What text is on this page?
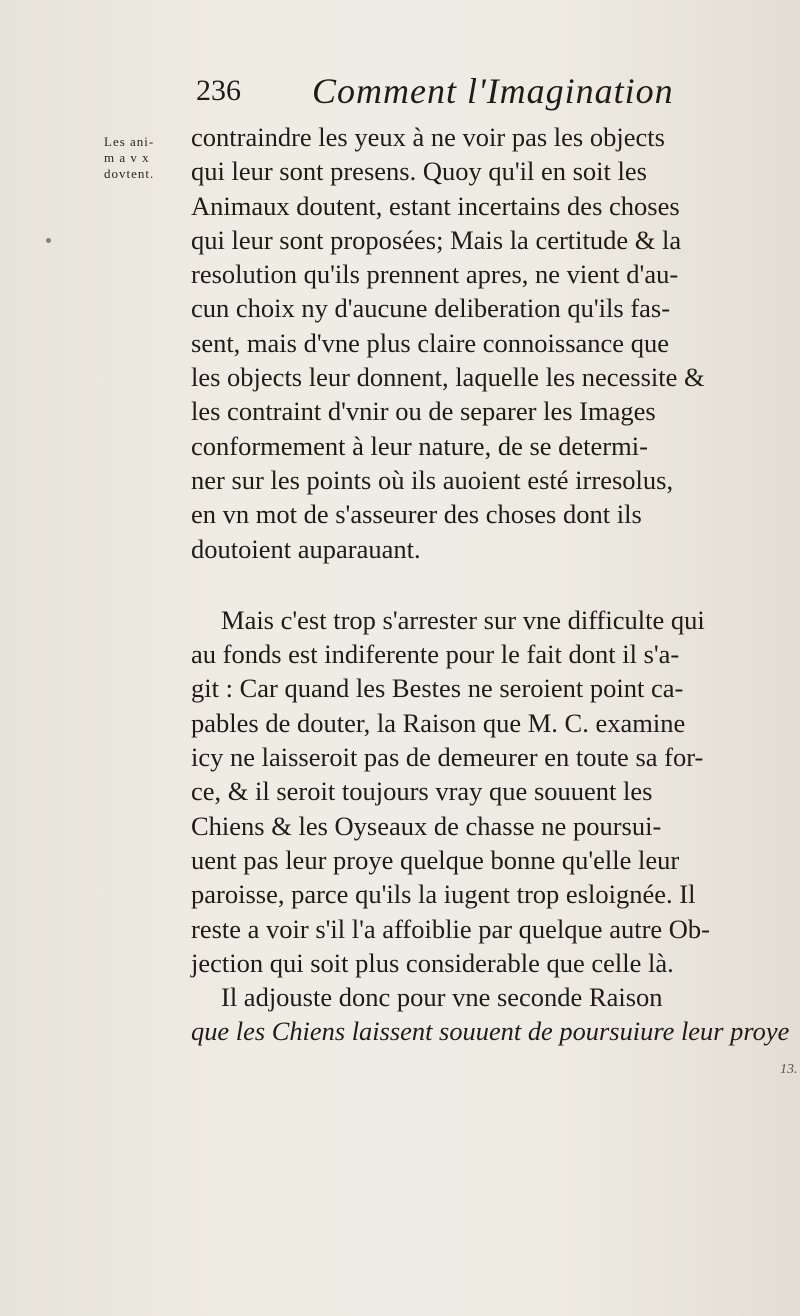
236 Comment l'Imagination
Les ani-
m a v x
dovtent.
contraindre les yeux à ne voir pas les objects
qui leur sont presens. Quoy qu'il en soit les
Animaux doutent, estant incertains des choses
qui leur sont proposées; Mais la certitude & la
resolution qu'ils prennent apres, ne vient d'au-
cun choix ny d'aucune deliberation qu'ils fas-
sent, mais d'vne plus claire connoissance que
les objects leur donnent, laquelle les necessite &
les contraint d'vnir ou de separer les Images
conformement à leur nature, de se determi-
ner sur les points où ils auoient esté irresolus,
en vn mot de s'asseurer des choses dont ils
doutoient auparauant.
Mais c'est trop s'arrester sur vne difficulte qui
au fonds est indiferente pour le fait dont il s'a-
git : Car quand les Bestes ne seroient point ca-
pables de douter, la Raison que M. C. examine
icy ne laisseroit pas de demeurer en toute sa for-
ce, & il seroit toujours vray que souuent les
Chiens & les Oyseaux de chasse ne poursui-
uent pas leur proye quelque bonne qu'elle leur
paroisse, parce qu'ils la iugent trop esloignée. Il
reste a voir s'il l'a affoiblie par quelque autre Ob-
jection qui soit plus considerable que celle là.
Il adjouste donc pour vne seconde Raison
que les Chiens laissent souuent de poursuiure leur proye
13.
